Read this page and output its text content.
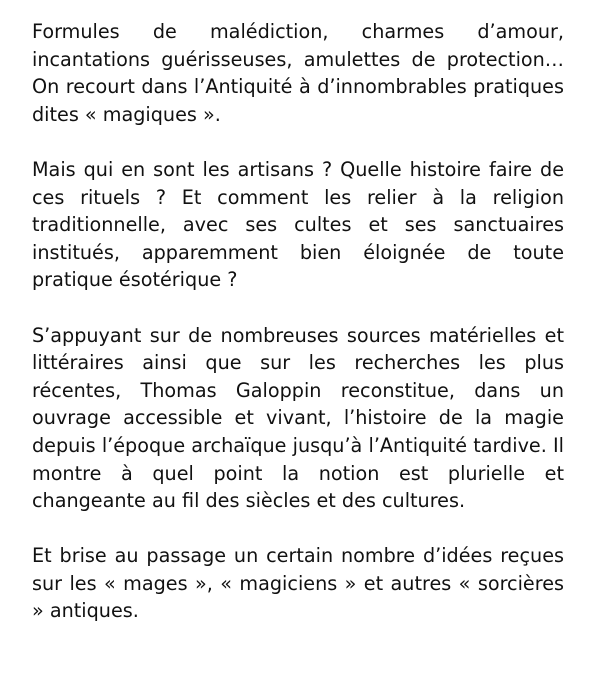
Formules de malédiction, charmes d’amour, incantations guérisseuses, amulettes de protection… On recourt dans l’Antiquité à d’innombrables pratiques dites « magiques ».

Mais qui en sont les artisans ? Quelle histoire faire de ces rituels ? Et comment les relier à la religion traditionnelle, avec ses cultes et ses sanctuaires institués, apparemment bien éloignée de toute pratique ésotérique ?

S’appuyant sur de nombreuses sources matérielles et littéraires ainsi que sur les recherches les plus récentes, Thomas Galoppin reconstitue, dans un ouvrage accessible et vivant, l’histoire de la magie depuis l’époque archaïque jusqu’à l’Antiquité tardive. Il montre à quel point la notion est plurielle et changeante au fil des siècles et des cultures.

Et brise au passage un certain nombre d’idées reçues sur les « mages », « magiciens » et autres « sorcières » antiques.
